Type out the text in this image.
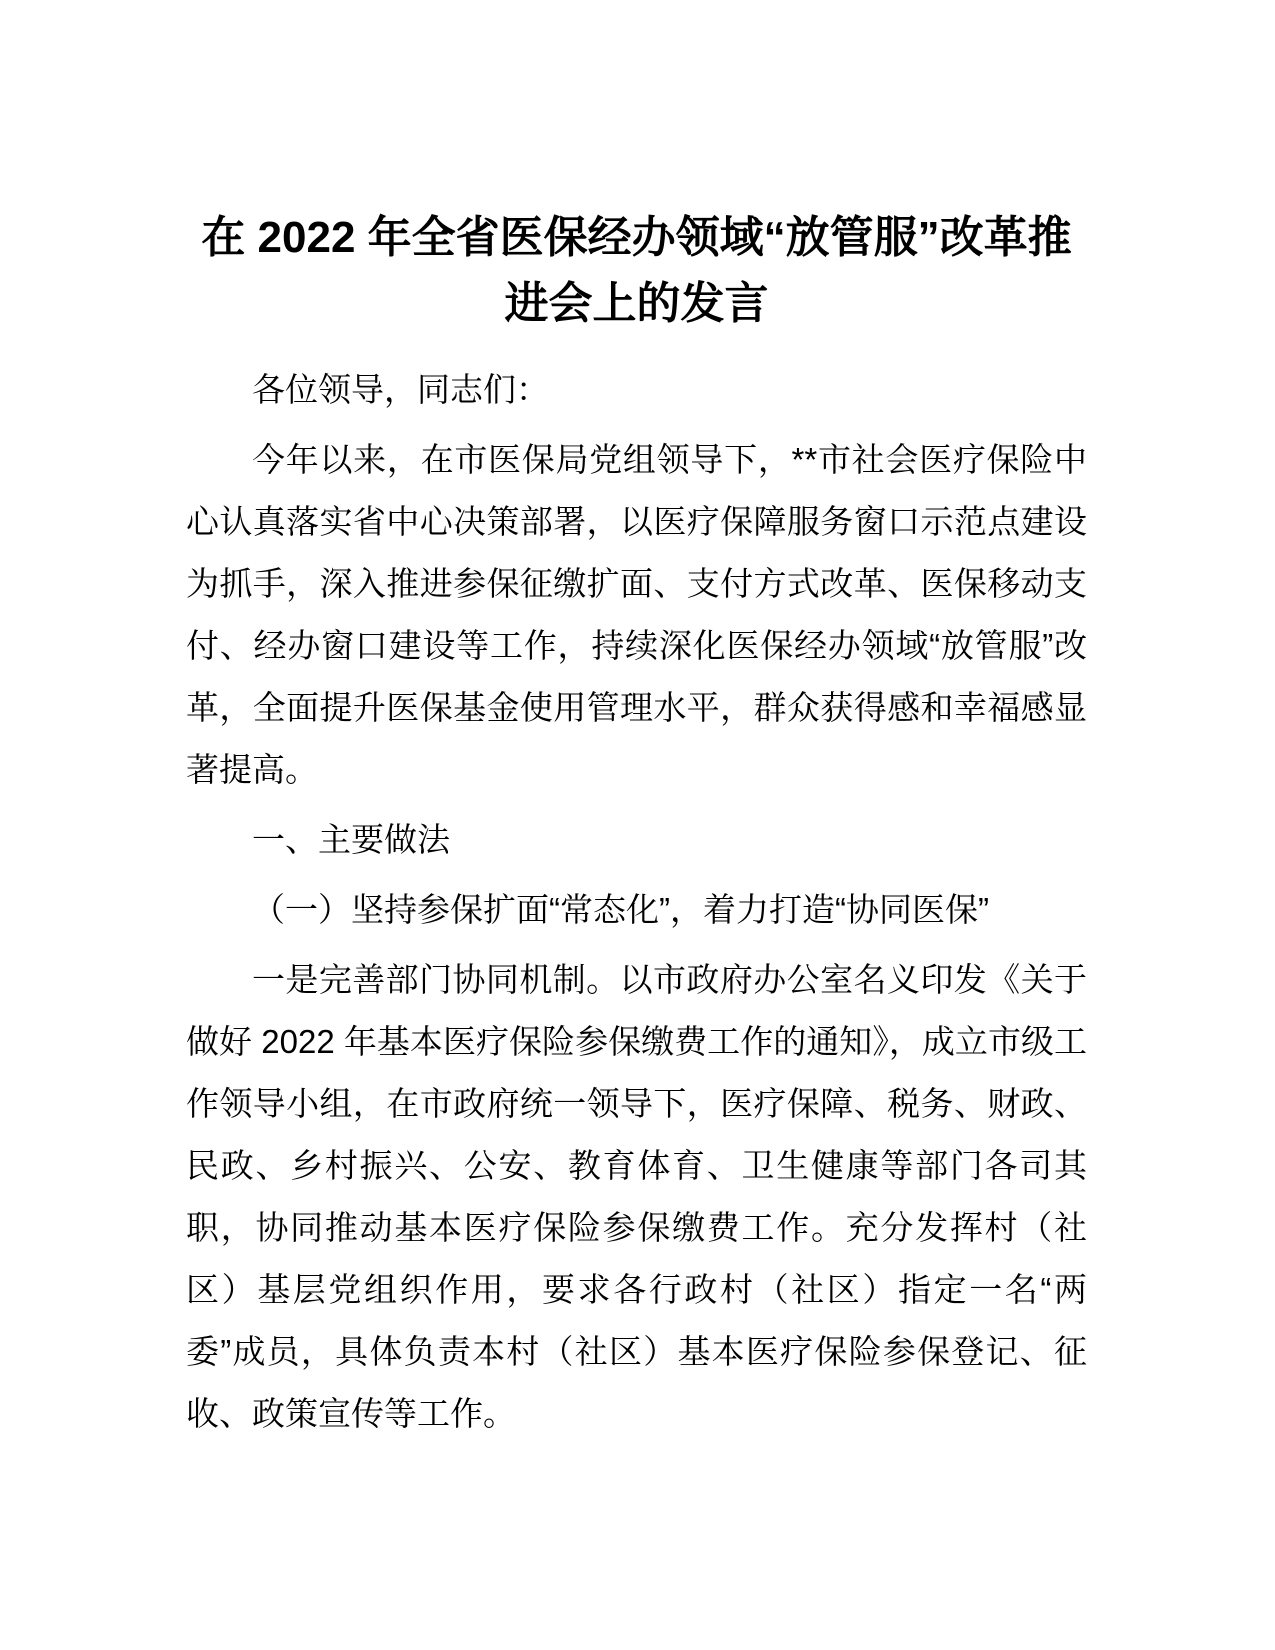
在 2022 年全省医保经办领域“放管服”改革推
进会上的发言

各位领导，同志们：

今年以来，在市医保局党组领导下，**市社会医疗保险中心认真落实省中心决策部署，以医疗保障服务窗口示范点建设为抓手，深入推进参保征缴扩面、支付方式改革、医保移动支付、经办窗口建设等工作，持续深化医保经办领域“放管服”改革，全面提升医保基金使用管理水平，群众获得感和幸福感显著提高。

一、主要做法

（一）坚持参保扩面“常态化”，着力打造“协同医保”

一是完善部门协同机制。以市政府办公室名义印发《关于做好 2022 年基本医疗保险参保缴费工作的通知》，成立市级工作领导小组，在市政府统一领导下，医疗保障、税务、财政、民政、乡村振兴、公安、教育体育、卫生健康等部门各司其职，协同推动基本医疗保险参保缴费工作。充分发挥村（社区）基层党组织作用，要求各行政村（社区）指定一名“两委”成员，具体负责本村（社区）基本医疗保险参保登记、征收、政策宣传等工作。
